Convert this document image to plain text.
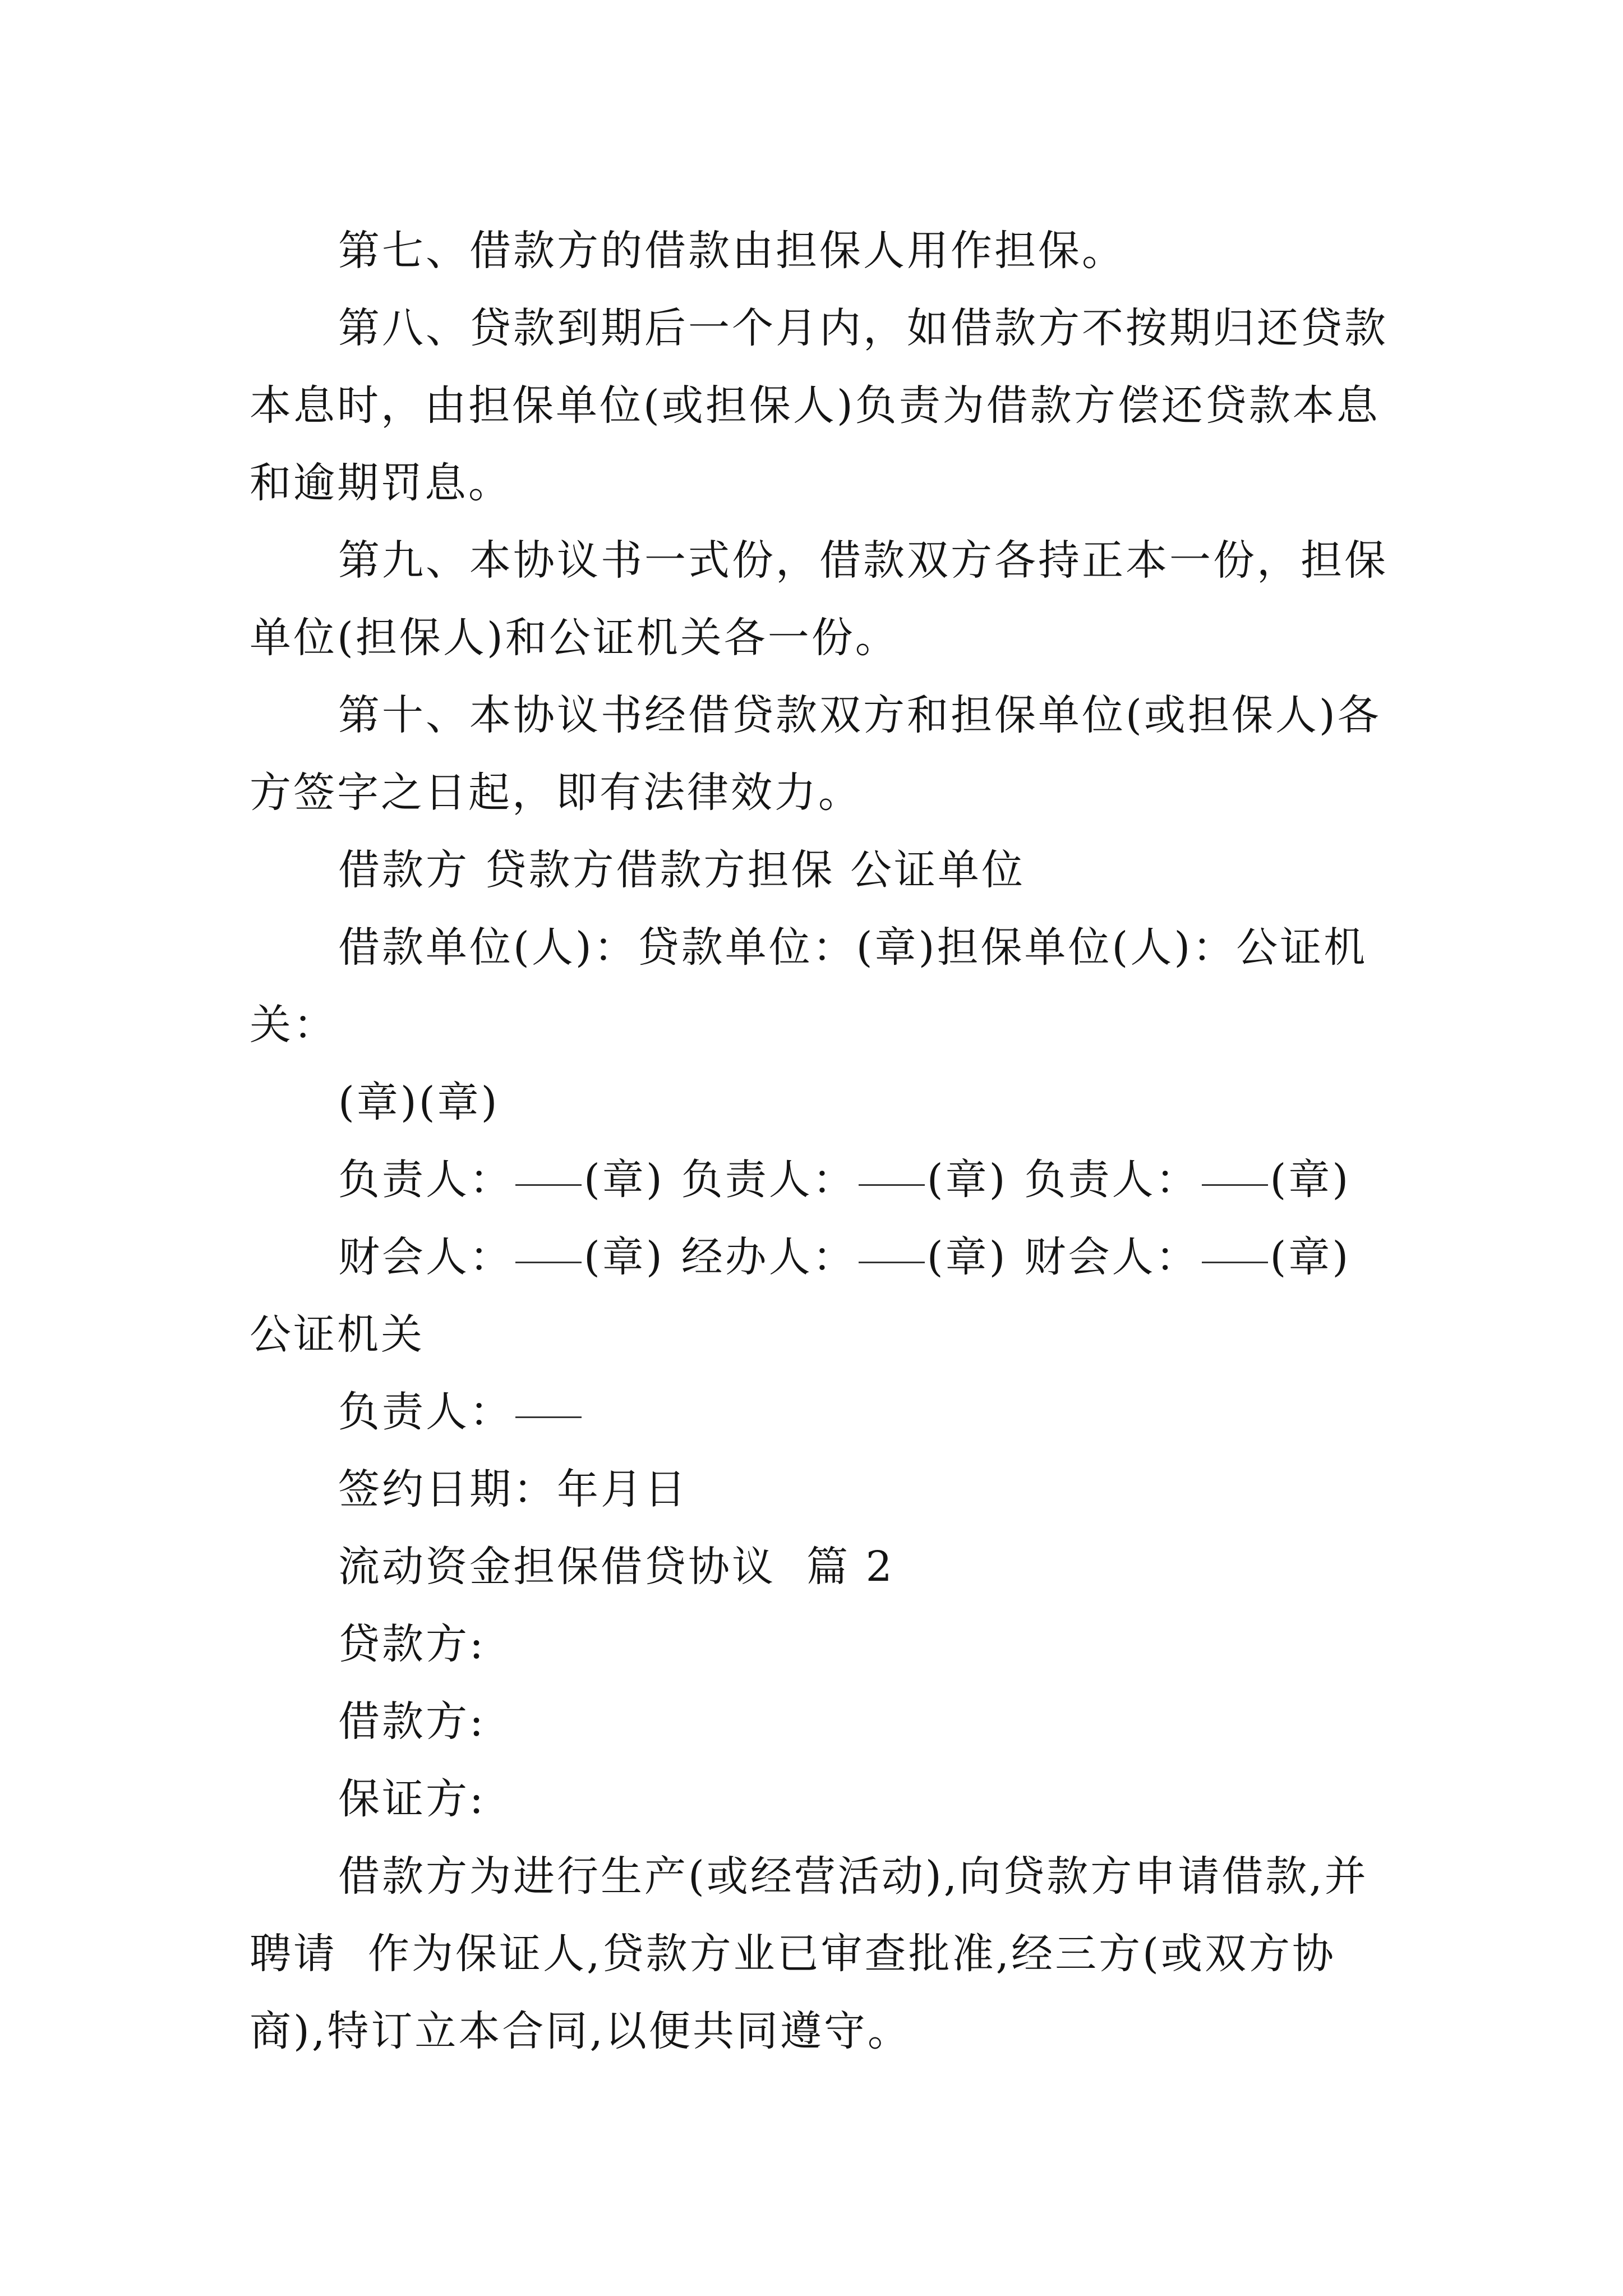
第七、借款方的借款由担保人用作担保。
第八、贷款到期后一个月内，如借款方不按期归还贷款
本息时，由担保单位(或担保人)负责为借款方偿还贷款本息
和逾期罚息。
第九、本协议书一式份，借款双方各持正本一份，担保
单位(担保人)和公证机关各一份。
第十、本协议书经借贷款双方和担保单位(或担保人)各
方签字之日起，即有法律效力。
借款方 贷款方借款方担保 公证单位
借款单位(人)：贷款单位：(章)担保单位(人)：公证机
关：
(章)(章)
负责人： (章) 负责人： (章) 负责人： (章)
财会人： (章) 经办人： (章) 财会人： (章)
公证机关
负责人：
签约日期：年月日
流动资金担保借贷协议  篇 2
贷款方:
借款方:
保证方:
借款方为进行生产(或经营活动),向贷款方申请借款,并
聘请  作为保证人,贷款方业已审查批准,经三方(或双方协
商),特订立本合同,以便共同遵守。
